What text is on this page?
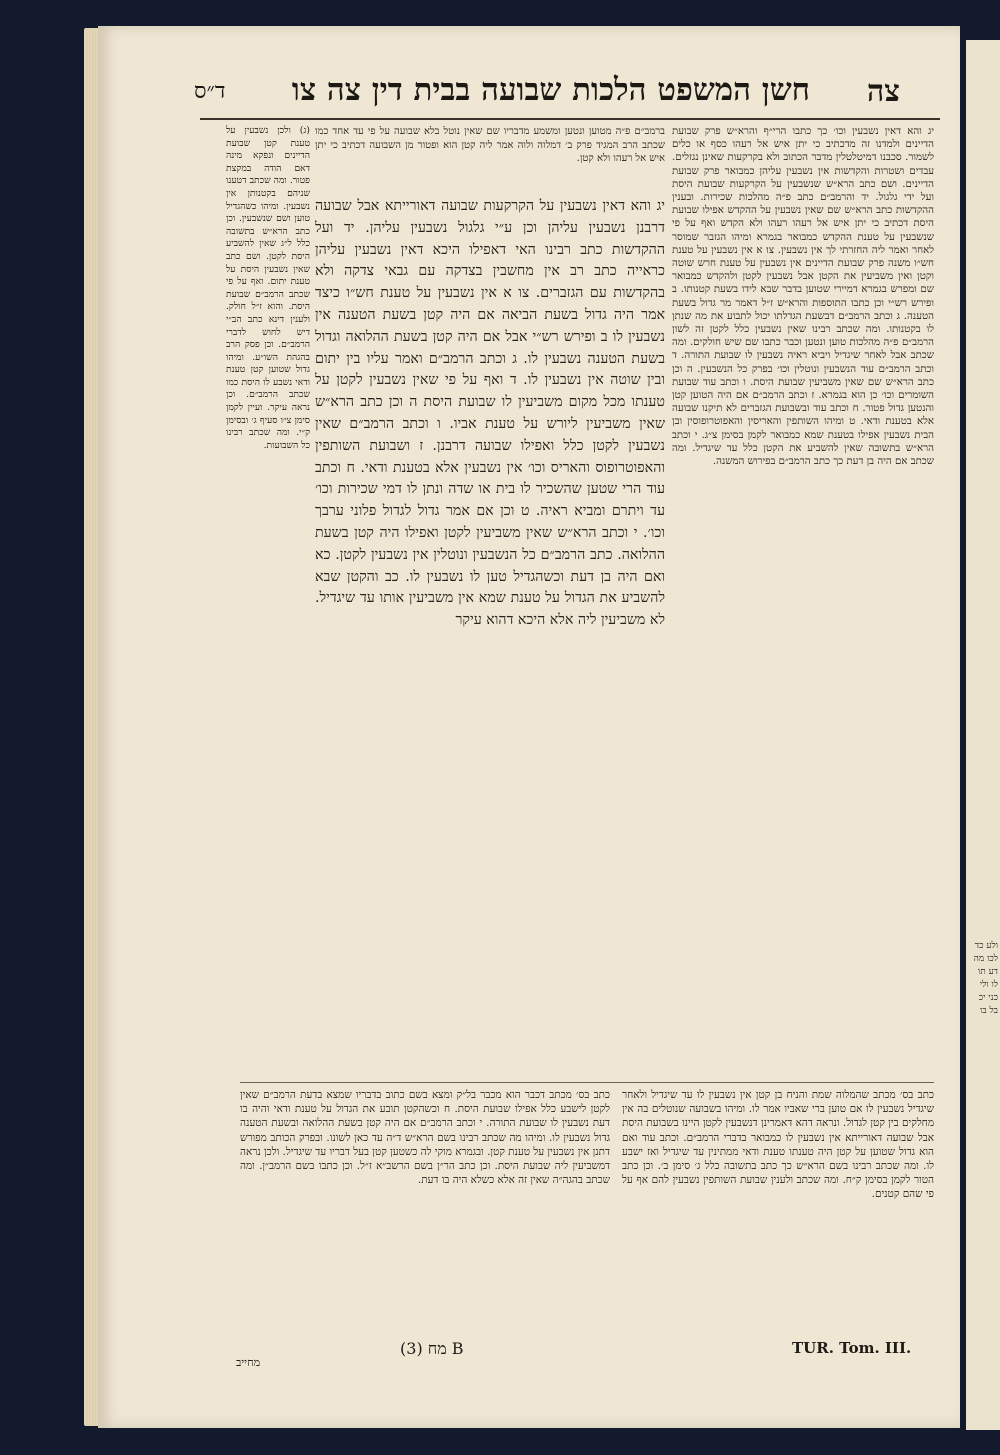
ולע כד לכו מה דע תו לו ולי כני יכ בל בו
חשן המשפט הלכות שבועה בבית דין צה צו צה
ד״ס

ברמב״ם פ״ה מטוען ונטען ומשמע מדבריו שם שאין נוטל בלא שבועה על פי עד אחד כמו שכתב הרב המגיד פרק ב׳ דמלוה ולוה אמר ליה קטן הוא ופטור מן השבועה דכתיב כי יתן איש אל רעהו ולא קטן.

יג והא דאין נשבעין על הקרקעות שבועה דאורייתא אבל שבועה דרבנן נשבעין עליהן וכן ע״י גלגול נשבעין עליהן. יד ועל ההקדשות כתב רבינו האי דאפילו היכא דאין נשבעין עליהן כראייה כתב רב אין מחשבין בצדקה עם גבאי צדקה ולא בהקדשות עם הגזברים. צו א אין נשבעין על טענת חש״ו כיצד אמר היה גדול בשעת הביאה אם היה קטן בשעת הטענה אין נשבעין לו ב ופירש רש״י אבל אם היה קטן בשעת ההלואה וגדול בשעת הטענה נשבעין לו. ג וכתב הרמב״ם ואמר עליו בין יתום ובין שוטה אין נשבעין לו. ד ואף על פי שאין נשבעין לקטן על טענתו מכל מקום משביעין לו שבועת היסת ה וכן כתב הרא״ש שאין משביעין ליורש על טענת אביו. ו וכתב הרמב״ם שאין נשבעין לקטן כלל ואפילו שבועה דרבנן. ז ושבועת השותפין והאפוטרופוס והאריס וכו׳ אין נשבעין אלא בטענת ודאי. ח וכתב עוד הרי שטען שהשכיר לו בית או שדה ונתן לו דמי שכירות וכו׳ עד ויתרם ומביא ראיה. ט וכן אם אמר גדול לגדול פלוני ערבך וכו׳. י וכתב הרא״ש שאין משביעין לקטן ואפילו היה קטן בשעת ההלואה. כתב הרמב״ם כל הנשבעין ונוטלין אין נשבעין לקטן. כא ואם היה בן דעת וכשהגדיל טען לו נשבעין לו. כב והקטן שבא להשביע את הגדול על טענת שמא אין משביעין אותו עד שיגדיל. לא משביעין ליה אלא היכא דהוא עיקר

יג והא דאין נשבעין וכו׳ כך כתבו הרי״ף והרא״ש פרק שבועת הדיינים ולמדנו זה מדכתיב כי יתן איש אל רעהו כסף או כלים לשמור. סכבנו דמיטלטלין מדבר הכתוב ולא בקרקעות שאינן נגזלים. עבדים ושטרות והקדשות אין נשבעין עליהן כמבואר פרק שבועת הדיינים. ושם כתב הרא״ש שנשבעין על הקרקעות שבועת היסת ועל ידי גלגול. יד והרמב״ם כתב פ״ה מהלכות שכירות. ובענין ההקדשות כתב הרא״ש שם שאין נשבעין על ההקדש אפילו שבועת היסת דכתיב כי יתן איש אל רעהו רעהו ולא הקדש ואף על פי שנשבעין על טענת ההקדש כמבואר בגמרא ומיהו הגזבר שמוסר לאחר ואמר ליה החזרתי לך אין נשבעין. צו א אין נשבעין על טענת חש״ו משנה פרק שבועת הדיינים אין נשבעין על טענת חרש שוטה וקטן ואין משביעין את הקטן אבל נשבעין לקטן ולהקדש כמבואר שם ומפרש בגמרא דמיירי שטוען בדבר שבא לידו בשעת קטנותו. ב ופירש רש״י וכן כתבו התוספות והרא״ש ז״ל דאמר מר גדול בשעת הטענה. ג וכתב הרמב״ם דבשעת הגדלתו יכול לתבוע את מה שנתן לו בקטנותו. ומה שכתב רבינו שאין נשבעין כלל לקטן זה לשון הרמב״ם פ״ה מהלכות טוען ונטען וכבר כתבו שם שיש חולקים. ומה שכתב אבל לאחר שיגדיל ויביא ראיה נשבעין לו שבועת התורה. ד וכתב הרמב״ם עוד הנשבעין ונוטלין וכו׳ בפרק כל הנשבעין. ה וכן כתב הרא״ש שם שאין משביעין שבועת היסת. ו וכתב עוד שבועת השומרים וכו׳ כן הוא בגמרא. ז וכתב הרמב״ם אם היה הטוען קטן והנטען גדול פטור. ח וכתב עוד ובשבועת הגזברים לא תיקנו שבועה אלא בטענת ודאי. ט ומיהו השותפין והאריסין והאפוטרופוסין ובן הבית נשבעין אפילו בטענת שמא כמבואר לקמן בסימן צ״ג. י וכתב הרא״ש בתשובה שאין להשביע את הקטן כלל עד שיגדיל. ומה שכתב אם היה בן דעת כך כתב הרמב״ם בפירוש המשנה.

(ג) ולכן נשבעין על טענת קטן שבועת הדיינים ונפקא מינה דאם הודה במקצת פטור. ומה שכתב דטענו שניהם בקטנותן אין נשבעין. ומיהו כשהגדיל טוען ושם שנשבעין. וכן כתב הרא״ש בתשובה כלל ל״ג שאין להשביע היסת לקטן. ושם כתב שאין נשבעין היסת על טענת יתום. ואף על פי שכתב הרמב״ם שבועת היסת. והוא ז״ל חולק. ולענין דינא כתב הב״י דיש לחוש לדברי הרמב״ם. וכן פסק הרב בהגהת השו״ע. ומיהו גדול שטוען קטן טענת ודאי נשבע לו היסת כמו שכתב הרמב״ם. וכן נראה עיקר. ועיין לקמן סימן צ״ו סעיף ג׳ ובסימן ק״י. ומה שכתב רבינו כל השבועות.

כתב בס׳ מכתב דכבר הוא מכבר בל״ק ומצא בשם כתוב בדבריו שמצא בדעת הרמב״ם שאין לקטן לישבע כלל אפילו שבועת היסת. ח וכשהקטן תובע את הגדול על טענת ודאי והיה בו דעת נשבעין לו שבועת התורה. י וכתב הרמב״ם אם היה קטן בשעת ההלואה ובשעת הטענה גדול נשבעין לו. ומיהו מה שכתב רבינו בשם הרא״ש ד״ה עד כאן לשונו. ובפרק הכותב מפורש דתנן אין נשבעין על טענת קטן. ובגמרא מוקי לה כשטען קטן בעל דבריו עד שיגדיל. ולכן נראה דמשביעין ליה שבועת היסת. וכן כתב הר״ן בשם הרשב״א ז״ל. וכן כתבו בשם הרמב״ן. ומה שכתב בהגה״ה שאין זה אלא כשלא היה בו דעת.

כתב בס׳ מכתב שהמלוה שמת והניח בן קטן אין נשבעין לו עד שיגדיל ולאחר שיגדיל נשבעין לו אם טוען ברי שאביו אמר לו. ומיהו בשבועה שנוטלים בה אין מחלקים בין קטן לגדול. ונראה דהא דאמרינן דנשבעין לקטן היינו בשבועת היסת אבל שבועה דאורייתא אין נשבעין לו כמבואר בדברי הרמב״ם. וכתב עוד ואם הוא גדול שטוען על קטן היה טענתו טענת ודאי ממתינין עד שיגדיל ואז ישבע לו. ומה שכתב רבינו בשם הרא״ש כך כתב בתשובה כלל ג׳ סימן ב׳. וכן כתב הטור לקמן בסימן ק״ח. ומה שכתב ולענין שבועת השותפין נשבעין להם אף על פי שהם קטנים.

מחייב
מח (3) B	TUR. Tom. III.
